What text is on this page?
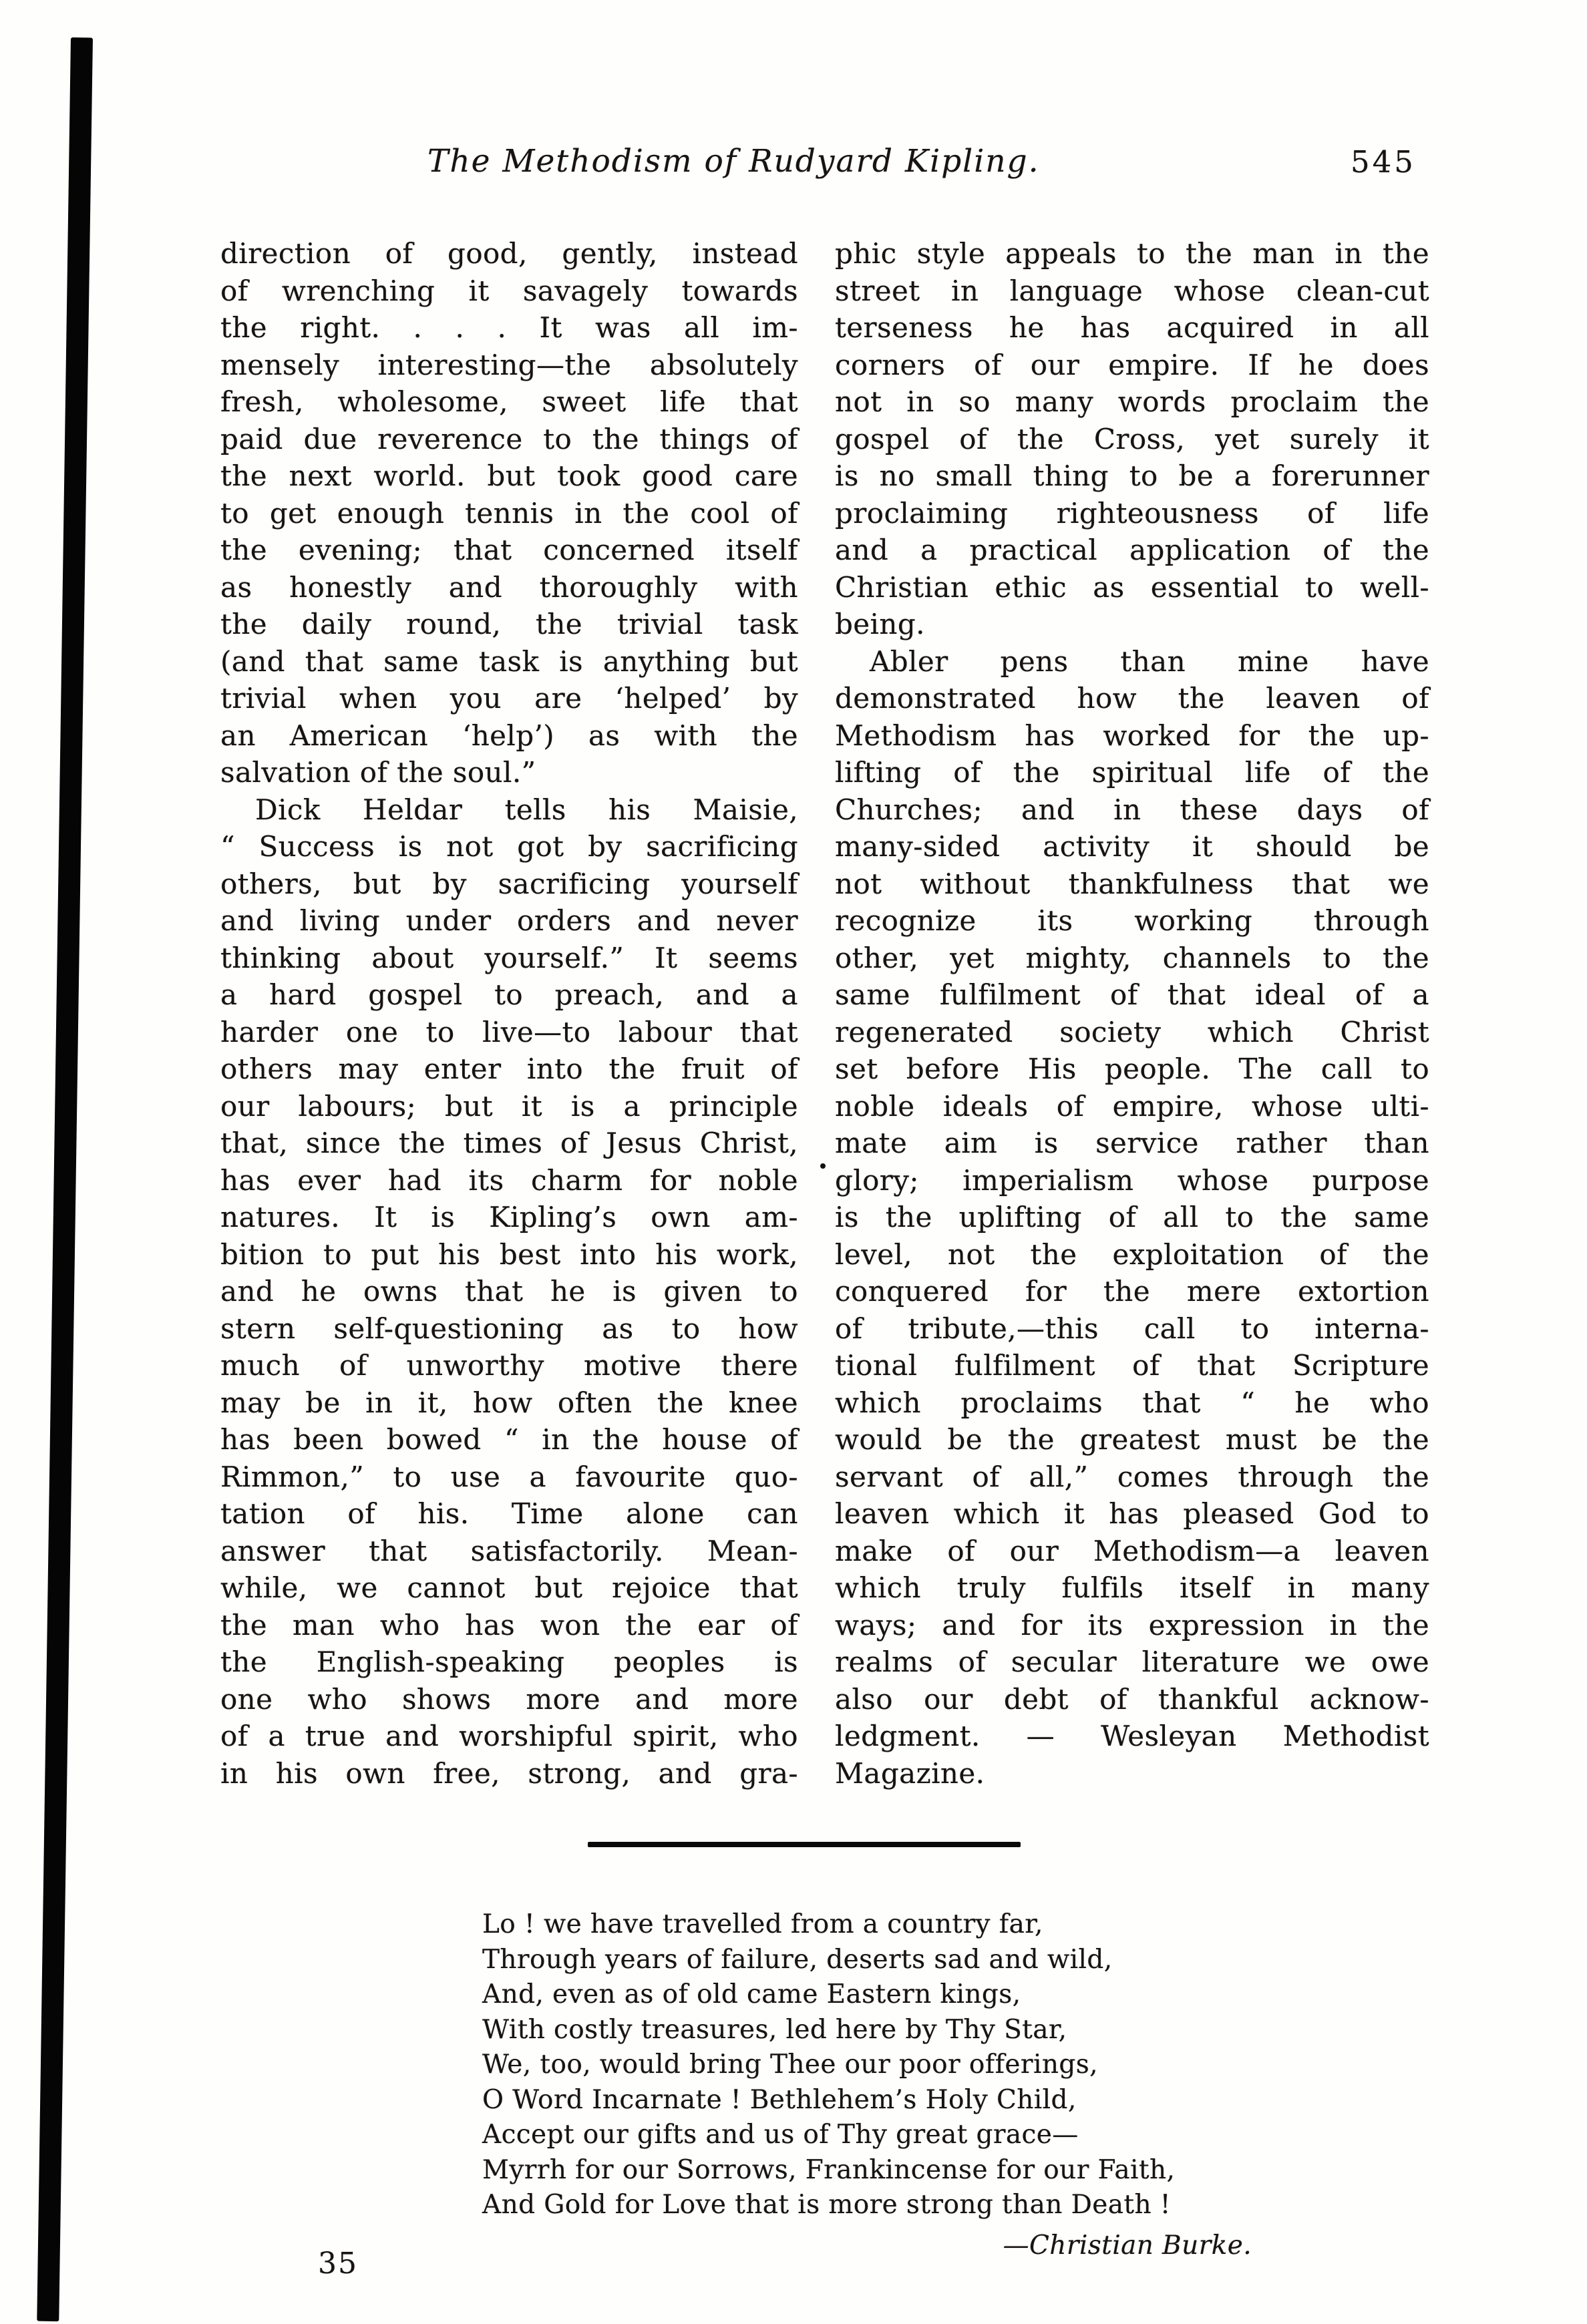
The Methodism of Rudyard Kipling.	545
direction of good, gently, instead
of wrenching it savagely towards
the right. . . . It was all im-
mensely interesting—the absolutely
fresh, wholesome, sweet life that
paid due reverence to the things of
the next world. but took good care
to get enough tennis in the cool of
the evening; that concerned itself
as honestly and thoroughly with
the daily round, the trivial task
(and that same task is anything but
trivial when you are ‘helped’ by
an American ‘help’) as with the
salvation of the soul.”
Dick Heldar tells his Maisie,
“ Success is not got by sacrificing
others, but by sacrificing yourself
and living under orders and never
thinking about yourself.” It seems
a hard gospel to preach, and a
harder one to live—to labour that
others may enter into the fruit of
our labours; but it is a principle
that, since the times of Jesus Christ,
has ever had its charm for noble
natures. It is Kipling’s own am-
bition to put his best into his work,
and he owns that he is given to
stern self-questioning as to how
much of unworthy motive there
may be in it, how often the knee
has been bowed “ in the house of
Rimmon,” to use a favourite quo-
tation of his. Time alone can
answer that satisfactorily. Mean-
while, we cannot but rejoice that
the man who has won the ear of
the English-speaking peoples is
one who shows more and more
of a true and worshipful spirit, who
in his own free, strong, and gra-
phic style appeals to the man in the
street in language whose clean-cut
terseness he has acquired in all
corners of our empire. If he does
not in so many words proclaim the
gospel of the Cross, yet surely it
is no small thing to be a forerunner
proclaiming righteousness of life
and a practical application of the
Christian ethic as essential to well-
being.
Abler pens than mine have
demonstrated how the leaven of
Methodism has worked for the up-
lifting of the spiritual life of the
Churches; and in these days of
many-sided activity it should be
not without thankfulness that we
recognize its working through
other, yet mighty, channels to the
same fulfilment of that ideal of a
regenerated society which Christ
set before His people. The call to
noble ideals of empire, whose ulti-
mate aim is service rather than
glory; imperialism whose purpose
is the uplifting of all to the same
level, not the exploitation of the
conquered for the mere extortion
of tribute,—this call to interna-
tional fulfilment of that Scripture
which proclaims that “ he who
would be the greatest must be the
servant of all,” comes through the
leaven which it has pleased God to
make of our Methodism—a leaven
which truly fulfils itself in many
ways; and for its expression in the
realms of secular literature we owe
also our debt of thankful acknow-
ledgment. — Wesleyan Methodist
Magazine.
Lo ! we have travelled from a country far,
Through years of failure, deserts sad and wild,
And, even as of old came Eastern kings,
With costly treasures, led here by Thy Star,
We, too, would bring Thee our poor offerings,
O Word Incarnate ! Bethlehem’s Holy Child,
Accept our gifts and us of Thy great grace—
Myrrh for our Sorrows, Frankincense for our Faith,
And Gold for Love that is more strong than Death !
—Christian Burke.
35
